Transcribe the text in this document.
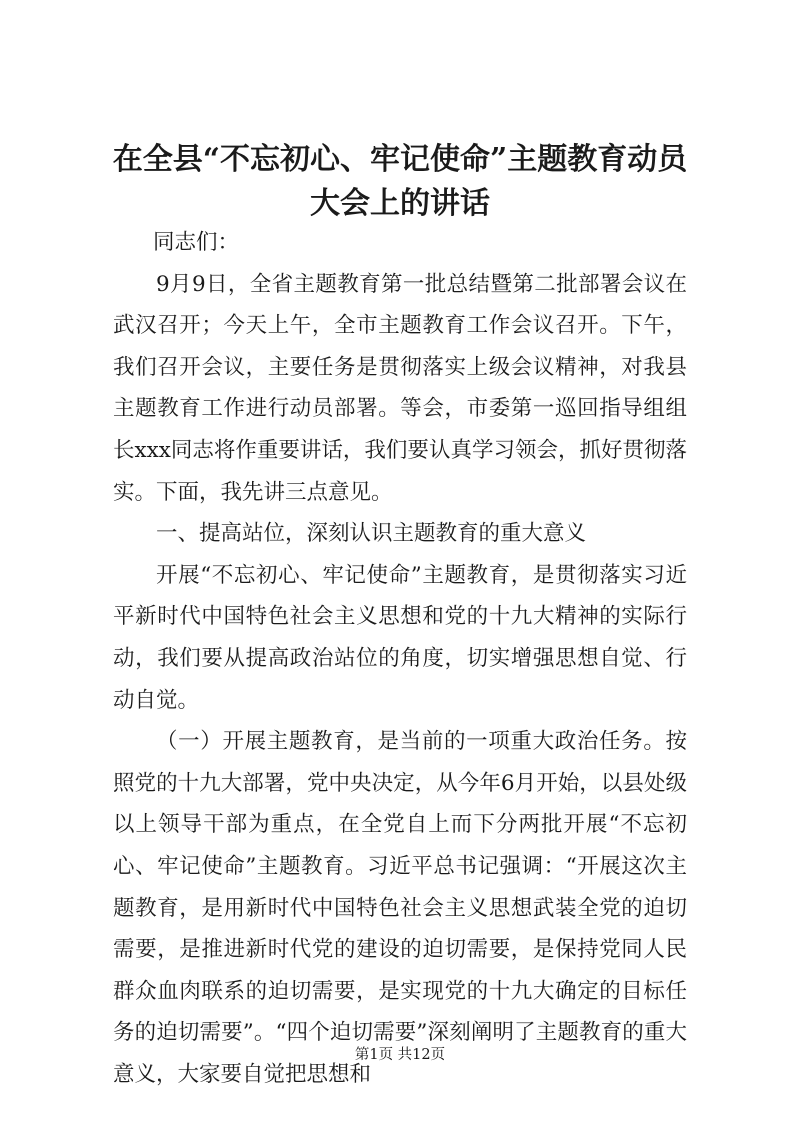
在全县“不忘初心、牢记使命”主题教育动员
大会上的讲话

同志们：

9月9日，全省主题教育第一批总结暨第二批部署会议在武汉召开；今天上午，全市主题教育工作会议召开。下午，我们召开会议，主要任务是贯彻落实上级会议精神，对我县主题教育工作进行动员部署。等会，市委第一巡回指导组组长xxx同志将作重要讲话，我们要认真学习领会，抓好贯彻落实。下面，我先讲三点意见。

一、提高站位，深刻认识主题教育的重大意义

开展“不忘初心、牢记使命”主题教育，是贯彻落实习近平新时代中国特色社会主义思想和党的十九大精神的实际行动，我们要从提高政治站位的角度，切实增强思想自觉、行动自觉。

（一）开展主题教育，是当前的一项重大政治任务。按照党的十九大部署，党中央决定，从今年6月开始，以县处级以上领导干部为重点，在全党自上而下分两批开展“不忘初心、牢记使命”主题教育。习近平总书记强调：“开展这次主题教育，是用新时代中国特色社会主义思想武装全党的迫切需要，是推进新时代党的建设的迫切需要，是保持党同人民群众血肉联系的迫切需要，是实现党的十九大确定的目标任务的迫切需要”。“四个迫切需要”深刻阐明了主题教育的重大意义，大家要自觉把思想和

第1页 共12页
